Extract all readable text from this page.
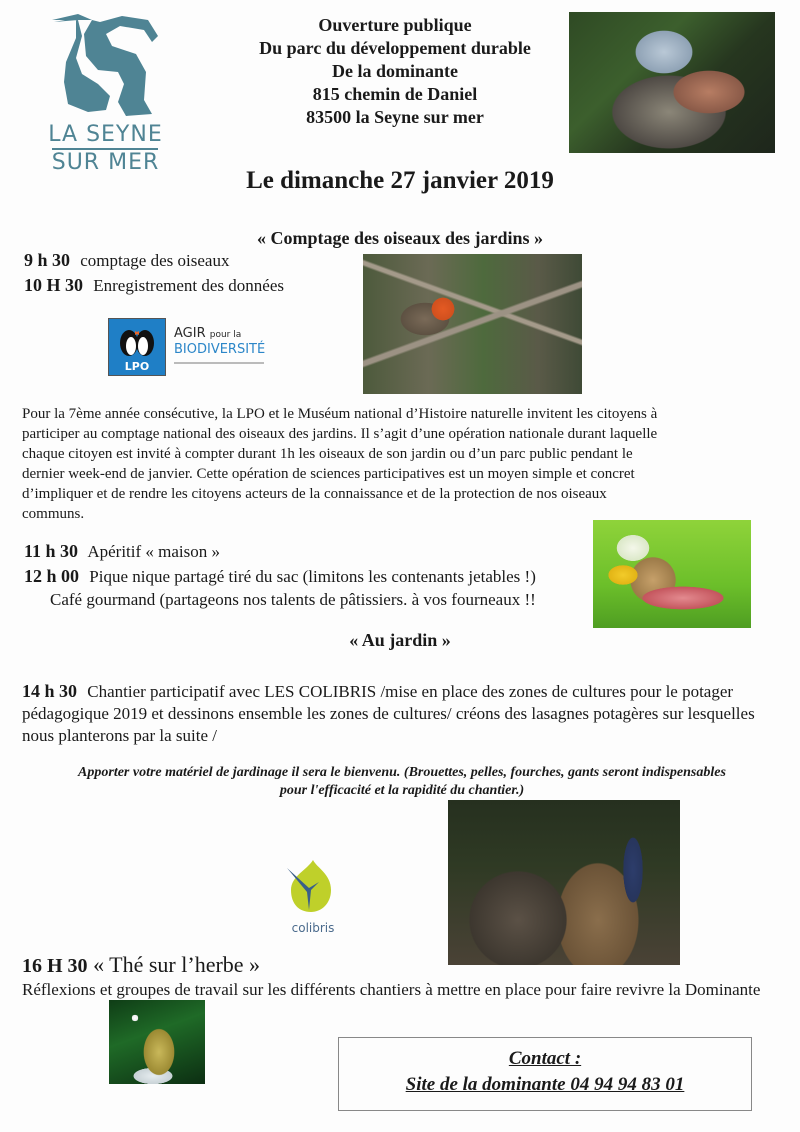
LA SEYNE
SUR MER
Ouverture publique
Du parc du développement durable
De la dominante
815 chemin de Daniel
83500 la Seyne sur mer
Le dimanche 27 janvier 2019
« Comptage des oiseaux des jardins »
9 h 30 comptage des oiseaux
10 H 30 Enregistrement des données
LPO
AGIR pour la
BIODIVERSITÉ
Pour la 7ème année consécutive, la LPO et le Muséum national d’Histoire naturelle invitent les citoyens à participer au comptage national des oiseaux des jardins. Il s’agit d’une opération nationale durant laquelle chaque citoyen est invité à compter durant 1h les oiseaux de son jardin ou d’un parc public pendant le dernier week-end de janvier. Cette opération de sciences participatives est un moyen simple et concret d’impliquer et de rendre les citoyens acteurs de la connaissance et de la protection de nos oiseaux communs.
11 h 30 Apéritif « maison »
12 h 00 Pique nique partagé tiré du sac (limitons les contenants jetables !)
Café gourmand (partageons nos talents de pâtissiers. à vos fourneaux !!
« Au jardin »
14 h 30 Chantier participatif avec LES COLIBRIS /mise en place des zones de cultures pour le potager pédagogique 2019 et dessinons ensemble les zones de cultures/ créons des lasagnes potagères sur lesquelles nous planterons par la suite /
Apporter votre matériel de jardinage il sera le bienvenu. (Brouettes, pelles, fourches, gants seront indispensables
pour l'efficacité et la rapidité du chantier.)
colibris
16 H 30 « Thé sur l’herbe »
Réflexions et groupes de travail sur les différents chantiers à mettre en place pour faire revivre la Dominante
Contact :
Site de la dominante 04 94 94 83 01
